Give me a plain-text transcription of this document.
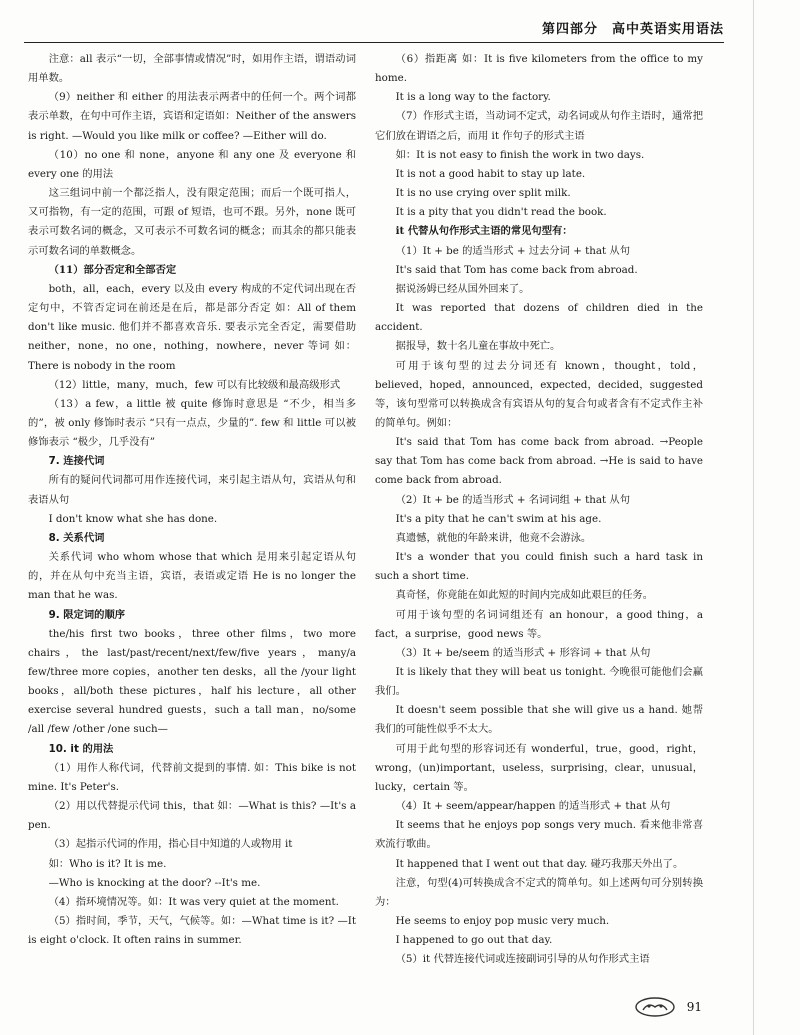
第四部分　高中英语实用语法

注意：all 表示“一切，全部事情或情况”时，如用作主语，谓语动词用单数。

（9）neither 和 either 的用法表示两者中的任何一个。两个词都表示单数，在句中可作主语，宾语和定语如：Neither of the answers is right. —Would you like milk or coffee? —Either will do.

（10）no one 和 none，anyone 和 any one 及 everyone 和 every one 的用法

这三组词中前一个都泛指人，没有限定范围；而后一个既可指人，又可指物，有一定的范围，可跟 of 短语，也可不跟。另外，none 既可表示可数名词的概念，又可表示不可数名词的概念；而其余的都只能表示可数名词的单数概念。

（11）部分否定和全部否定

both，all，each，every 以及由 every 构成的不定代词出现在否定句中，不管否定词在前还是在后，都是部分否定 如：All of them don't like music. 他们并不都喜欢音乐. 要表示完全否定，需要借助 neither，none，no one，nothing，nowhere，never 等词 如：There is nobody in the room

（12）little，many，much，few 可以有比较级和最高级形式

（13）a few，a little 被 quite 修饰时意思是 “不少，相当多的”，被 only 修饰时表示 “只有一点点，少量的”. few 和 little 可以被修饰表示 “极少，几乎没有”

7. 连接代词

所有的疑问代词都可用作连接代词，来引起主语从句，宾语从句和表语从句

I don't know what she has done.

8. 关系代词

关系代词 who whom whose that which 是用来引起定语从句的，并在从句中充当主语，宾语，表语或定语 He is no longer the man that he was.

9. 限定词的顺序

the/his first two books，three other films，two more chairs，the last/past/recent/next/few/five years，many/a few/three more copies，another ten desks，all the /your light books，all/both these pictures，half his lecture，all other exercise several hundred guests，such a tall man，no/some /all /few /other /one such—

10. it 的用法

（1）用作人称代词，代替前文提到的事情. 如：This bike is not mine. It's Peter's.

（2）用以代替提示代词 this，that 如：—What is this? —It's a pen.

（3）起指示代词的作用，指心目中知道的人或物用 it

如：Who is it? It is me.

—Who is knocking at the door? --It's me.

（4）指环境情况等。如：It was very quiet at the moment.

（5）指时间，季节，天气，气候等。如：—What time is it? —It is eight o'clock. It often rains in summer.

（6）指距离 如：It is five kilometers from the office to my home.

It is a long way to the factory.

（7）作形式主语，当动词不定式，动名词或从句作主语时，通常把它们放在谓语之后，而用 it 作句子的形式主语

如：It is not easy to finish the work in two days.

It is not a good habit to stay up late.

It is no use crying over split milk.

It is a pity that you didn't read the book.

it 代替从句作形式主语的常见句型有：

（1）It + be 的适当形式 + 过去分词 + that 从句

It's said that Tom has come back from abroad.

据说汤姆已经从国外回来了。

It was reported that dozens of children died in the accident.

据报导，数十名儿童在事故中死亡。

可用于该句型的过去分词还有 known，thought，told，believed，hoped，announced，expected，decided，suggested 等，该句型常可以转换成含有宾语从句的复合句或者含有不定式作主补的简单句。例如：

It's said that Tom has come back from abroad. →People say that Tom has come back from abroad. →He is said to have come back from abroad.

（2）It + be 的适当形式 + 名词词组 + that 从句

It's a pity that he can't swim at his age.

真遗憾，就他的年龄来讲，他竟不会游泳。

It's a wonder that you could finish such a hard task in such a short time.

真奇怪，你竟能在如此短的时间内完成如此艰巨的任务。

可用于该句型的名词词组还有 an honour，a good thing，a fact，a surprise，good news 等。

（3）It + be/seem 的适当形式 + 形容词 + that 从句

It is likely that they will beat us tonight. 今晚很可能他们会赢我们。

It doesn't seem possible that she will give us a hand. 她帮我们的可能性似乎不太大。

可用于此句型的形容词还有 wonderful，true，good，right，wrong，(un)important，useless，surprising，clear，unusual，lucky，certain 等。

（4）It + seem/appear/happen 的适当形式 + that 从句

It seems that he enjoys pop songs very much. 看来他非常喜欢流行歌曲。

It happened that I went out that day. 碰巧我那天外出了。

注意，句型(4)可转换成含不定式的简单句。如上述两句可分别转换为：

He seems to enjoy pop music very much.

I happened to go out that day.

（5）it 代替连接代词或连接副词引导的从句作形式主语

91
